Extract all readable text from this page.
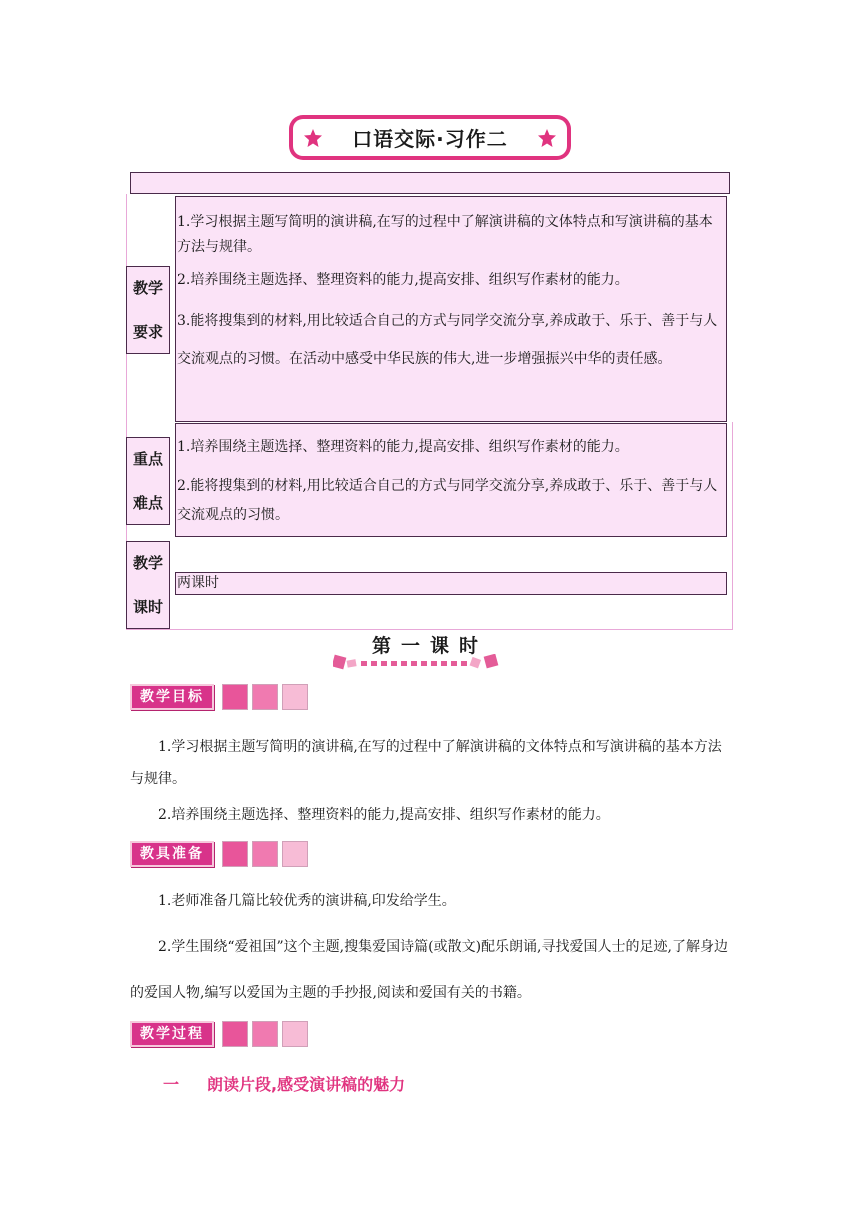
口语交际·习作二
教学
要求

1.学习根据主题写简明的演讲稿,在写的过程中了解演讲稿的文体特点和写演讲稿的基本方法与规律。

2.培养围绕主题选择、整理资料的能力,提高安排、组织写作素材的能力。

3.能将搜集到的材料,用比较适合自己的方式与同学交流分享,养成敢于、乐于、善于与人交流观点的习惯。在活动中感受中华民族的伟大,进一步增强振兴中华的责任感。

重点
难点

1.培养围绕主题选择、整理资料的能力,提高安排、组织写作素材的能力。

2.能将搜集到的材料,用比较适合自己的方式与同学交流分享,养成敢于、乐于、善于与人交流观点的习惯。

教学
课时

两课时

第一课时
教学目标

1.学习根据主题写简明的演讲稿,在写的过程中了解演讲稿的文体特点和写演讲稿的基本方法与规律。

2.培养围绕主题选择、整理资料的能力,提高安排、组织写作素材的能力。

教具准备

1.老师准备几篇比较优秀的演讲稿,印发给学生。

2.学生围绕“爱祖国”这个主题,搜集爱国诗篇(或散文)配乐朗诵,寻找爱国人士的足迹,了解身边的爱国人物,编写以爱国为主题的手抄报,阅读和爱国有关的书籍。

教学过程
一 朗读片段,感受演讲稿的魅力
